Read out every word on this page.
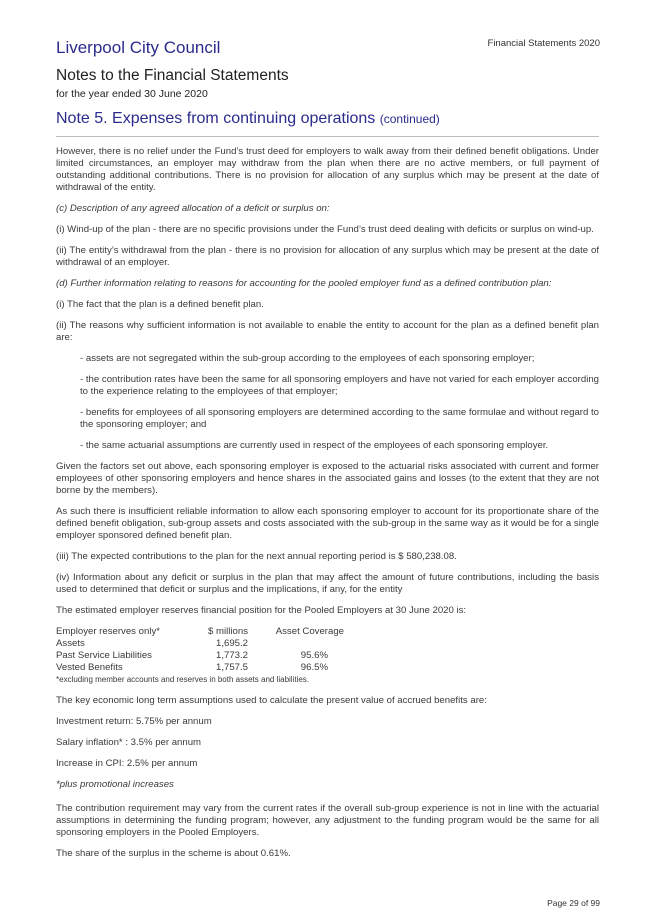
Financial Statements 2020
Liverpool City Council
Notes to the Financial Statements
for the year ended 30 June 2020
Note 5. Expenses from continuing operations (continued)

However, there is no relief under the Fund’s trust deed for employers to walk away from their defined benefit obligations. Under limited circumstances, an employer may withdraw from the plan when there are no active members, or full payment of outstanding additional contributions. There is no provision for allocation of any surplus which may be present at the date of withdrawal of the entity.

(c) Description of any agreed allocation of a deficit or surplus on:

(i) Wind-up of the plan - there are no specific provisions under the Fund’s trust deed dealing with deficits or surplus on wind-up.

(ii) The entity’s withdrawal from the plan - there is no provision for allocation of any surplus which may be present at the date of withdrawal of an employer.

(d) Further information relating to reasons for accounting for the pooled employer fund as a defined contribution plan:

(i) The fact that the plan is a defined benefit plan.

(ii) The reasons why sufficient information is not available to enable the entity to account for the plan as a defined benefit plan are:

- assets are not segregated within the sub-group according to the employees of each sponsoring employer;

- the contribution rates have been the same for all sponsoring employers and have not varied for each employer according to the experience relating to the employees of that employer;

- benefits for employees of all sponsoring employers are determined according to the same formulae and without regard to the sponsoring employer; and

- the same actuarial assumptions are currently used in respect of the employees of each sponsoring employer.

Given the factors set out above, each sponsoring employer is exposed to the actuarial risks associated with current and former employees of other sponsoring employers and hence shares in the associated gains and losses (to the extent that they are not borne by the members).

As such there is insufficient reliable information to allow each sponsoring employer to account for its proportionate share of the defined benefit obligation, sub-group assets and costs associated with the sub-group in the same way as it would be for a single employer sponsored defined benefit plan.

(iii) The expected contributions to the plan for the next annual reporting period is $ 580,238.08.

(iv) Information about any deficit or surplus in the plan that may affect the amount of future contributions, including the basis used to determined that deficit or surplus and the implications, if any, for the entity

The estimated employer reserves financial position for the Pooled Employers at 30 June 2020 is:

Employer reserves only*	$ millions	Asset Coverage
Assets	1,695.2
Past Service Liabilities	1,773.2	95.6%
Vested Benefits	1,757.5	96.5%

*excluding member accounts and reserves in both assets and liabilities.

The key economic long term assumptions used to calculate the present value of accrued benefits are:

Investment return: 5.75% per annum

Salary inflation* : 3.5% per annum

Increase in CPI: 2.5% per annum

*plus promotional increases

The contribution requirement may vary from the current rates if the overall sub-group experience is not in line with the actuarial assumptions in determining the funding program; however, any adjustment to the funding program would be the same for all sponsoring employers in the Pooled Employers.

The share of the surplus in the scheme is about 0.61%.

Page 29 of 99
